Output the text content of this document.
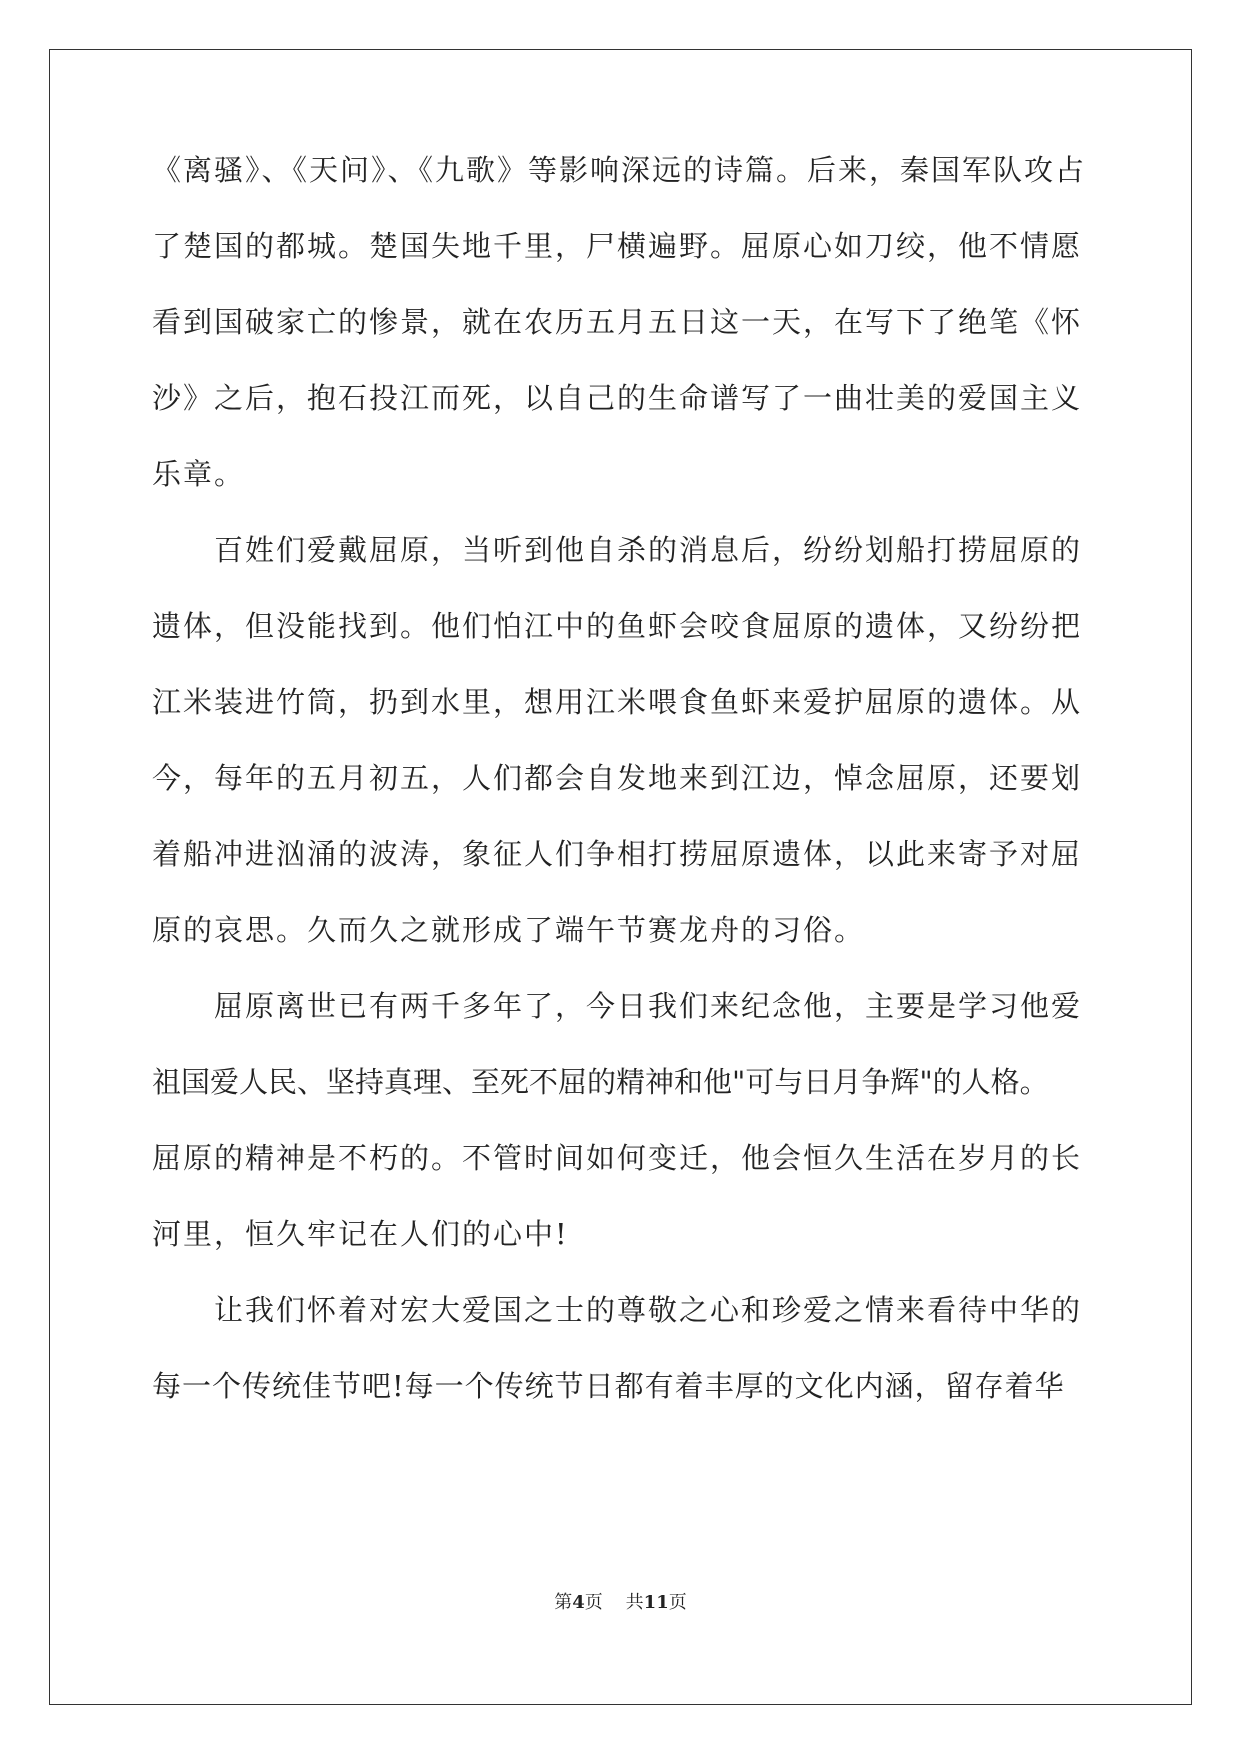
《离骚》、《天问》、《九歌》等影响深远的诗篇。后来，秦国军队攻占
了楚国的都城。楚国失地千里，尸横遍野。屈原心如刀绞，他不情愿
看到国破家亡的惨景，就在农历五月五日这一天，在写下了绝笔《怀
沙》之后，抱石投江而死，以自己的生命谱写了一曲壮美的爱国主义
乐章。
百姓们爱戴屈原，当听到他自杀的消息后，纷纷划船打捞屈原的
遗体，但没能找到。他们怕江中的鱼虾会咬食屈原的遗体，又纷纷把
江米装进竹筒，扔到水里，想用江米喂食鱼虾来爱护屈原的遗体。从
今，每年的五月初五，人们都会自发地来到江边，悼念屈原，还要划
着船冲进汹涌的波涛，象征人们争相打捞屈原遗体，以此来寄予对屈
原的哀思。久而久之就形成了端午节赛龙舟的习俗。
屈原离世已有两千多年了，今日我们来纪念他，主要是学习他爱
祖国爱人民、坚持真理、至死不屈的精神和他"可与日月争辉"的人格。
屈原的精神是不朽的。不管时间如何变迁，他会恒久生活在岁月的长
河里，恒久牢记在人们的心中!
让我们怀着对宏大爱国之士的尊敬之心和珍爱之情来看待中华的
每一个传统佳节吧!每一个传统节日都有着丰厚的文化内涵，留存着华
第4页 共11页
